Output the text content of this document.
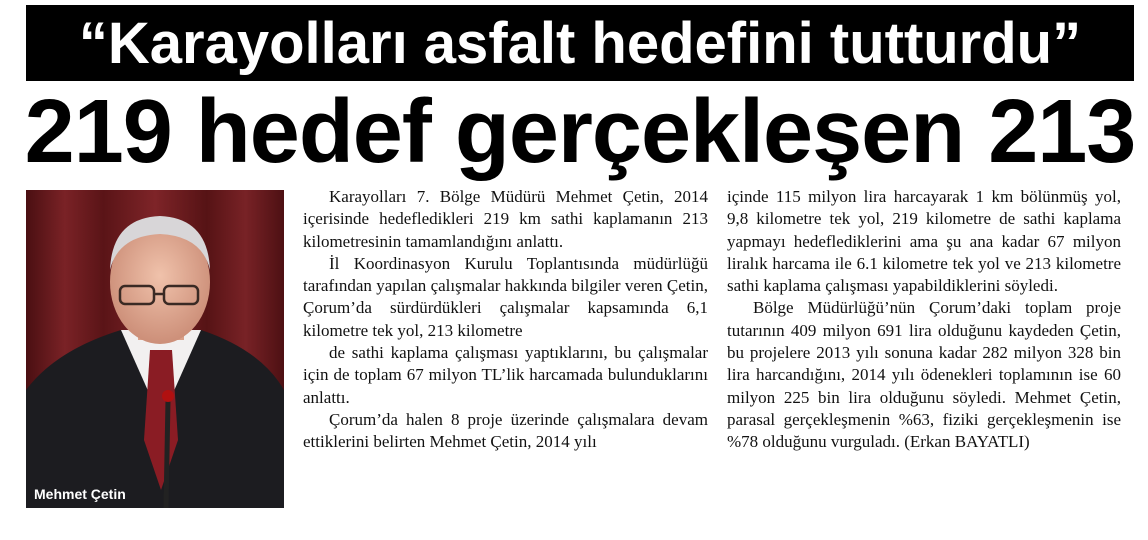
“Karayolları asfalt hedefini tutturdu”
219 hedef gerçekleşen 213
Mehmet Çetin

Karayolları 7. Bölge Müdürü Mehmet Çetin, 2014 içerisinde hedefledikleri 219 km sathi kaplamanın 213 kilometresinin tamamlandığını anlattı.

İl Koordinasyon Kurulu Toplantısında müdürlüğü tarafından yapılan çalışmalar hakkında bilgiler veren Çetin, Çorum’da sürdürdükleri çalışmalar kapsamında 6,1 kilometre tek yol, 213 kilometre

de sathi kaplama çalışması yaptıklarını, bu çalışmalar için de toplam 67 milyon TL’lik harcamada bulunduklarını anlattı.

Çorum’da halen 8 proje üzerinde çalışmalara devam ettiklerini belirten Mehmet Çetin, 2014 yılı

içinde 115 milyon lira harcayarak 1 km bölünmüş yol, 9,8 kilometre tek yol, 219 kilometre de sathi kaplama yapmayı hedeflediklerini ama şu ana kadar 67 milyon liralık harcama ile 6.1 kilometre tek yol ve 213 kilometre sathi kaplama çalışması yapabildiklerini söyledi.

Bölge Müdürlüğü’nün Çorum’daki toplam proje tutarının 409 milyon 691 lira olduğunu kaydeden Çetin, bu projelere 2013 yılı sonuna kadar 282 milyon 328 bin lira harcandığını, 2014 yılı ödenekleri toplamının ise 60 milyon 225 bin lira olduğunu söyledi. Mehmet Çetin, parasal gerçekleşmenin %63, fiziki gerçekleşmenin ise %78 olduğunu vurguladı. (Erkan BAYATLI)
